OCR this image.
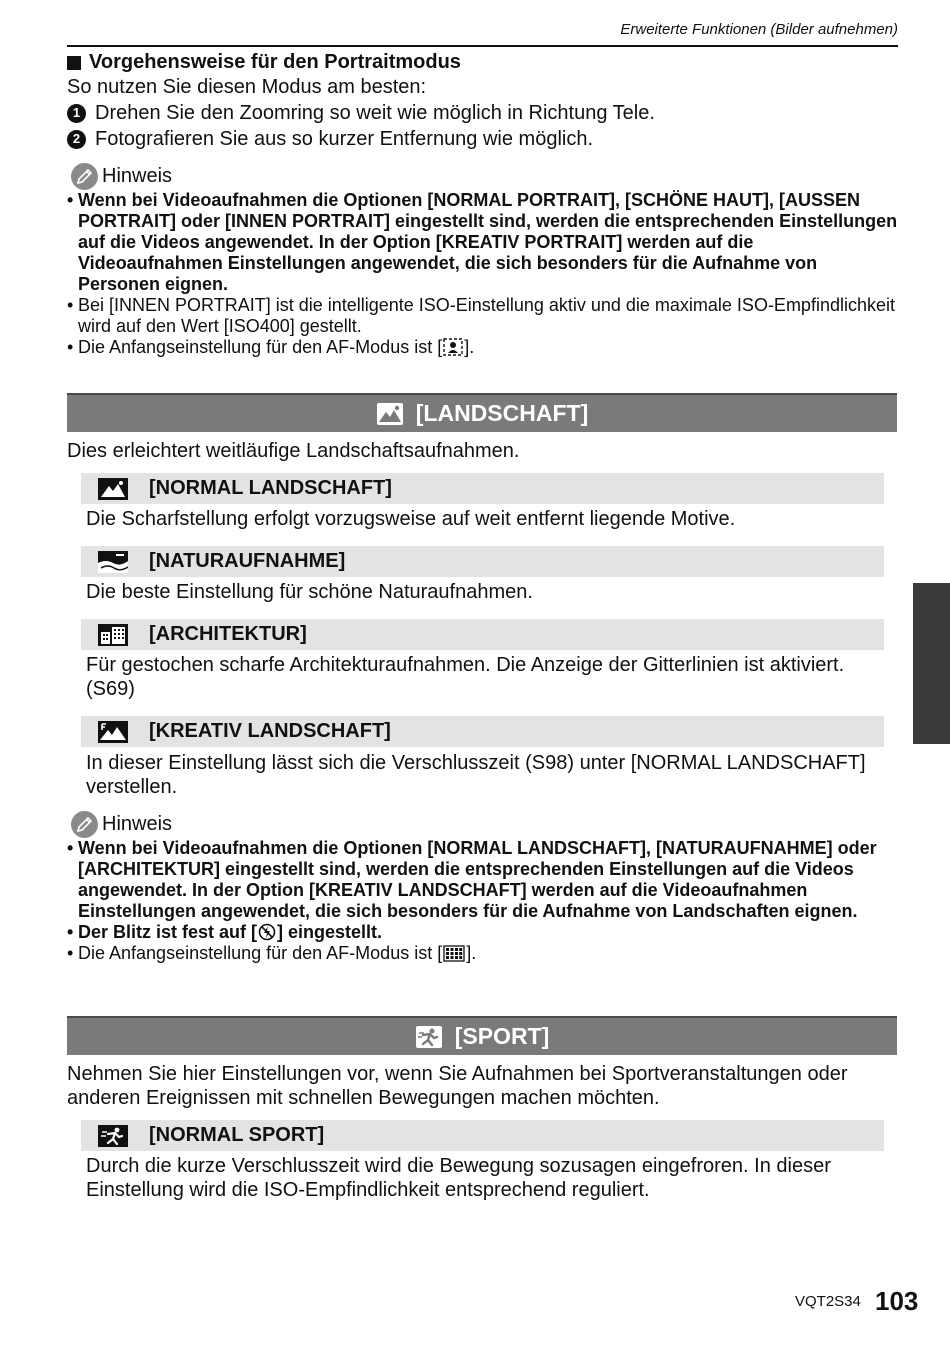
Erweiterte Funktionen (Bilder aufnehmen)
Vorgehensweise für den Portraitmodus
So nutzen Sie diesen Modus am besten:
1 Drehen Sie den Zoomring so weit wie möglich in Richtung Tele.
2 Fotografieren Sie aus so kurzer Entfernung wie möglich.
Hinweis
• Wenn bei Videoaufnahmen die Optionen [NORMAL PORTRAIT], [SCHÖNE HAUT], [AUSSEN PORTRAIT] oder [INNEN PORTRAIT] eingestellt sind, werden die entsprechenden Einstellungen auf die Videos angewendet. In der Option [KREATIV PORTRAIT] werden auf die Videoaufnahmen Einstellungen angewendet, die sich besonders für die Aufnahme von Personen eignen.
• Bei [INNEN PORTRAIT] ist die intelligente ISO-Einstellung aktiv und die maximale ISO-Empfindlichkeit wird auf den Wert [ISO400] gestellt.
• Die Anfangseinstellung für den AF-Modus ist [ ].
[LANDSCHAFT]
Dies erleichtert weitläufige Landschaftsaufnahmen.
[NORMAL LANDSCHAFT]
Die Scharfstellung erfolgt vorzugsweise auf weit entfernt liegende Motive.
[NATURAUFNAHME]
Die beste Einstellung für schöne Naturaufnahmen.
[ARCHITEKTUR]
Für gestochen scharfe Architekturaufnahmen. Die Anzeige der Gitterlinien ist aktiviert. (S69)
[KREATIV LANDSCHAFT]
In dieser Einstellung lässt sich die Verschlusszeit (S98) unter [NORMAL LANDSCHAFT] verstellen.
Hinweis
• Wenn bei Videoaufnahmen die Optionen [NORMAL LANDSCHAFT], [NATURAUFNAHME] oder [ARCHITEKTUR] eingestellt sind, werden die entsprechenden Einstellungen auf die Videos angewendet. In der Option [KREATIV LANDSCHAFT] werden auf die Videoaufnahmen Einstellungen angewendet, die sich besonders für die Aufnahme von Landschaften eignen.
• Der Blitz ist fest auf [ ] eingestellt.
• Die Anfangseinstellung für den AF-Modus ist [ ].
[SPORT]
Nehmen Sie hier Einstellungen vor, wenn Sie Aufnahmen bei Sportveranstaltungen oder anderen Ereignissen mit schnellen Bewegungen machen möchten.
[NORMAL SPORT]
Durch die kurze Verschlusszeit wird die Bewegung sozusagen eingefroren. In dieser Einstellung wird die ISO-Empfindlichkeit entsprechend reguliert.
VQT2S34 103
